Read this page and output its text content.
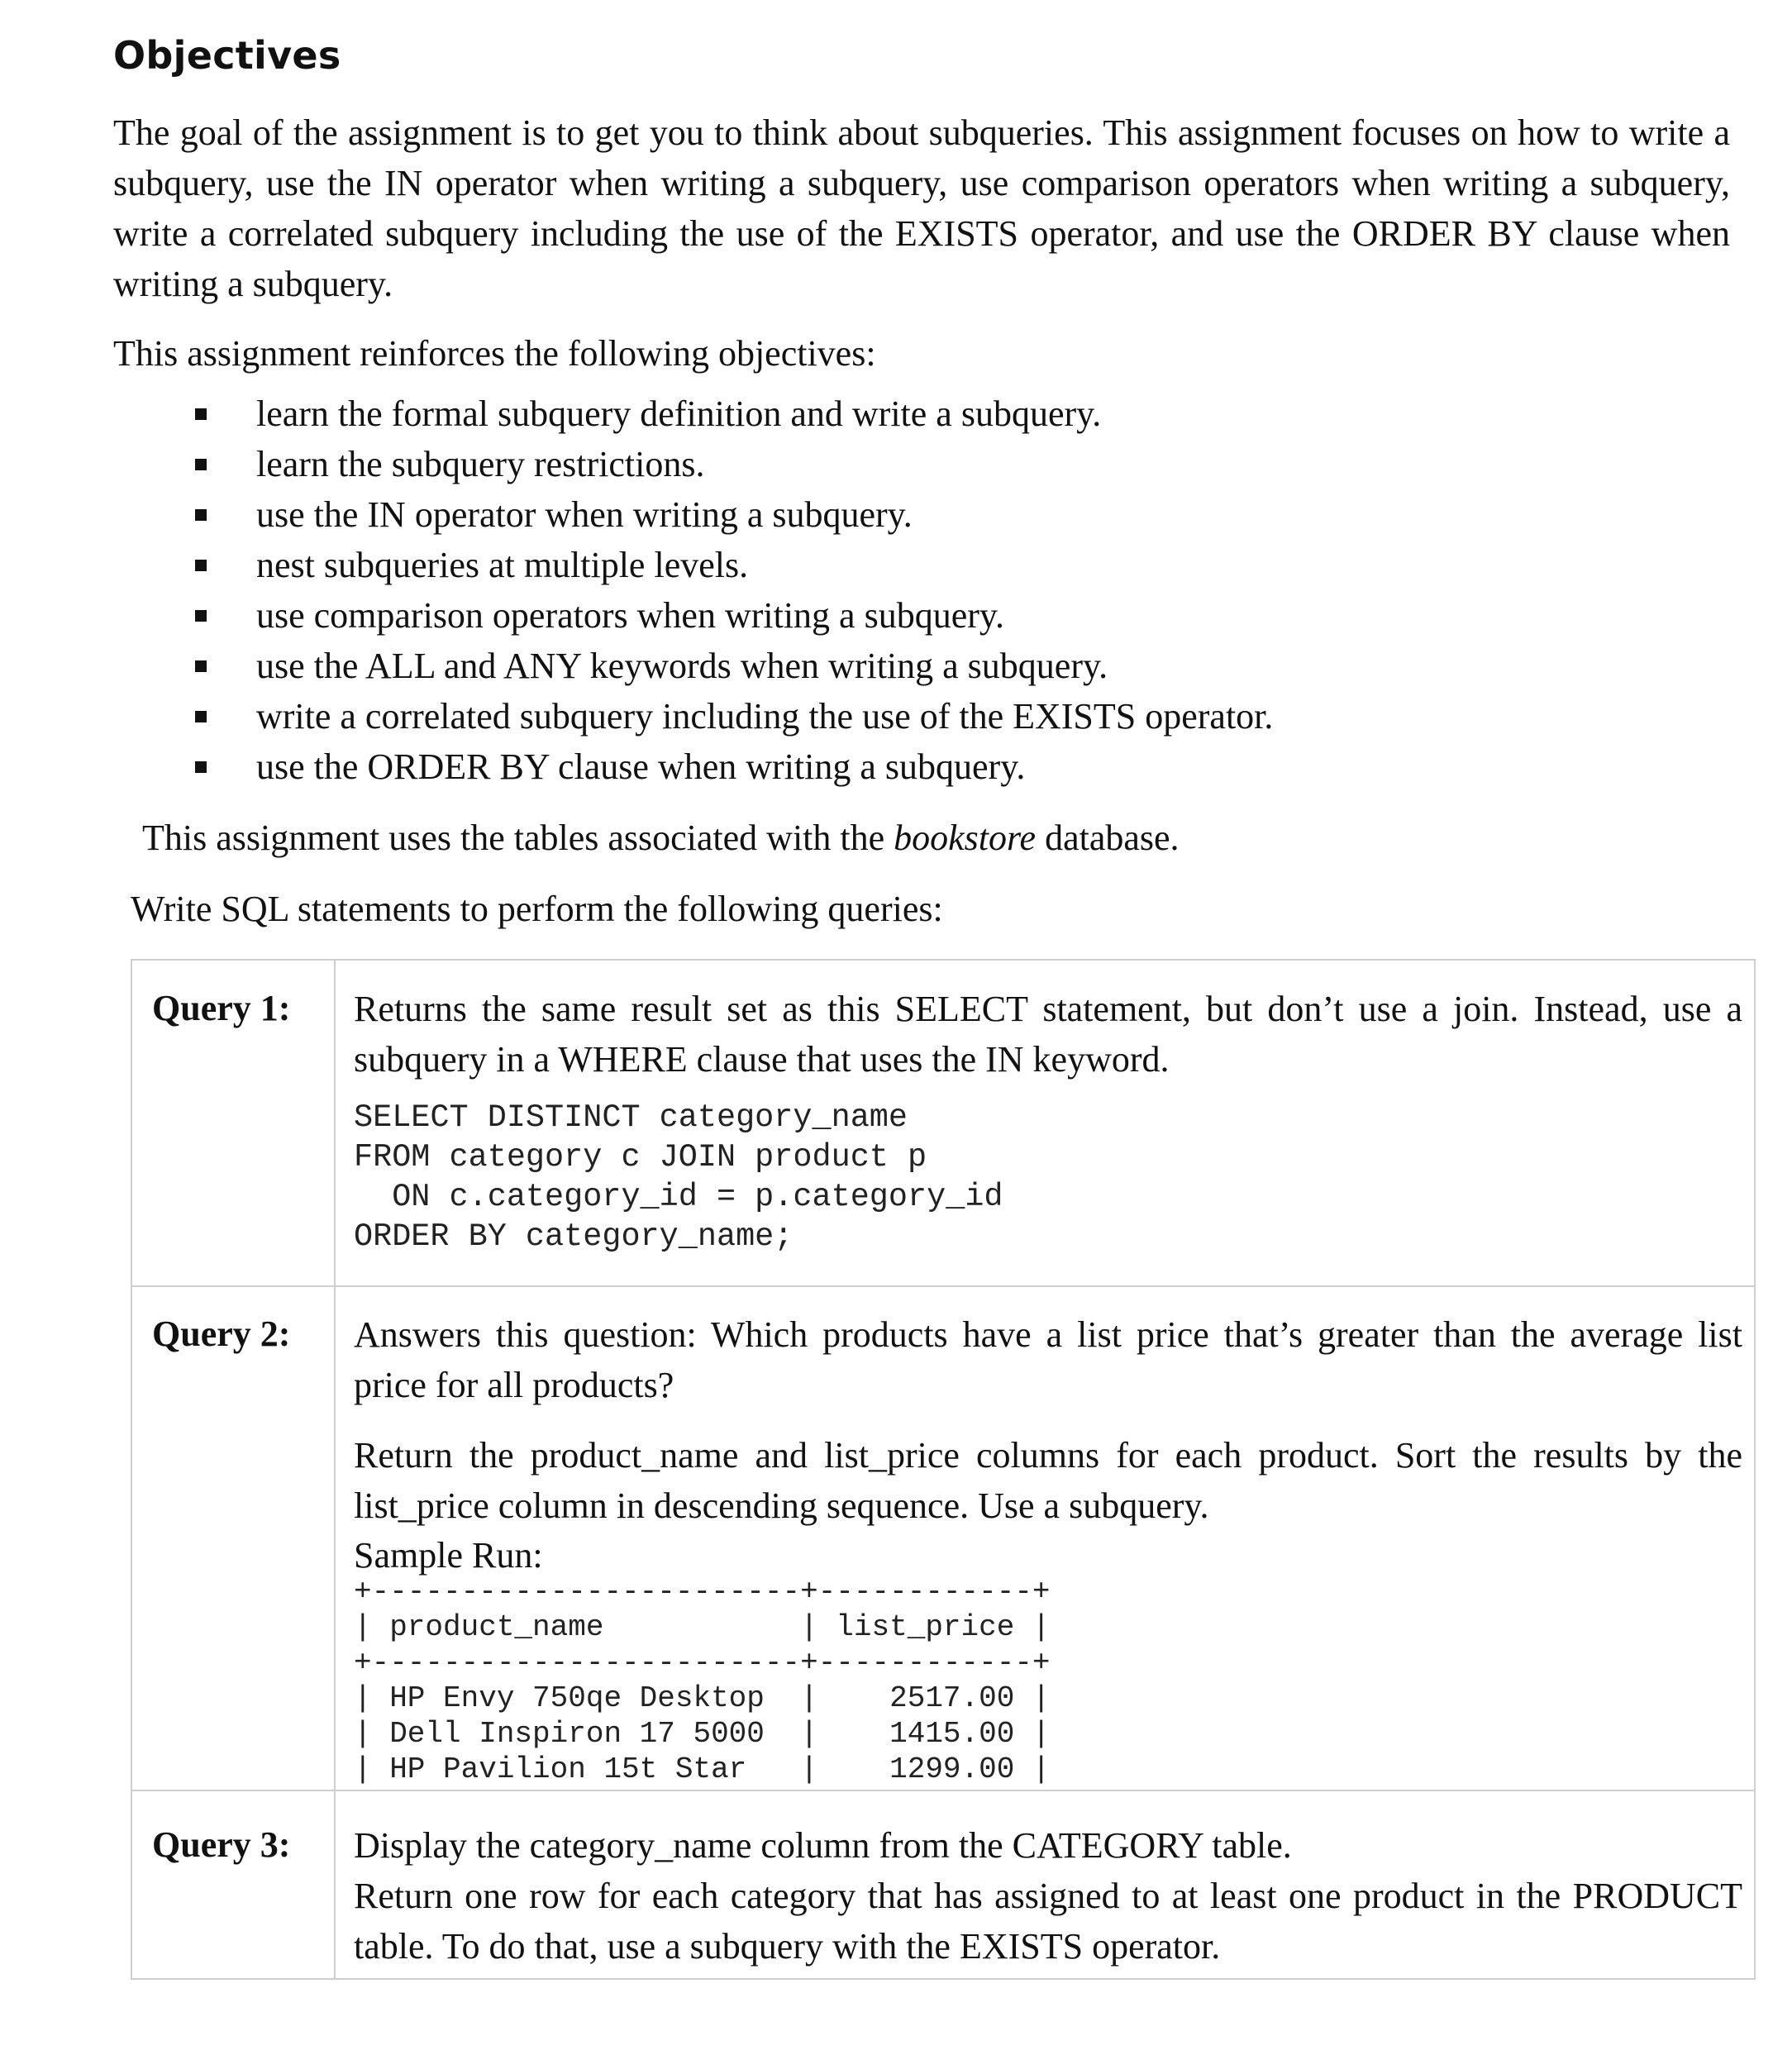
Objectives

The goal of the assignment is to get you to think about subqueries. This assignment focuses on how to write a subquery, use the IN operator when writing a subquery, use comparison operators when writing a subquery, write a correlated subquery including the use of the EXISTS operator, and use the ORDER BY clause when writing a subquery.

This assignment reinforces the following objectives:

learn the formal subquery definition and write a subquery.
learn the subquery restrictions.
use the IN operator when writing a subquery.
nest subqueries at multiple levels.
use comparison operators when writing a subquery.
use the ALL and ANY keywords when writing a subquery.
write a correlated subquery including the use of the EXISTS operator.
use the ORDER BY clause when writing a subquery.

This assignment uses the tables associated with the bookstore database.

Write SQL statements to perform the following queries:

Query 1: Returns the same result set as this SELECT statement, but don’t use a join. Instead, use a subquery in a WHERE clause that uses the IN keyword.

SELECT DISTINCT category_name
FROM category c JOIN product p
ON c.category_id = p.category_id
ORDER BY category_name;
Query 2: Answers this question: Which products have a list price that’s greater than the average list price for all products?

Return the product_name and list_price columns for each product. Sort the results by the list_price column in descending sequence. Use a subquery.

Sample Run:
+------------------------+------------+
| product_name           | list_price |
+------------------------+------------+
| HP Envy 750qe Desktop  |    2517.00 |
| Dell Inspiron 17 5000  |    1415.00 |
| HP Pavilion 15t Star   |    1299.00 |
Query 3: Display the category_name column from the CATEGORY table.

Return one row for each category that has assigned to at least one product in the PRODUCT table. To do that, use a subquery with the EXISTS operator.
